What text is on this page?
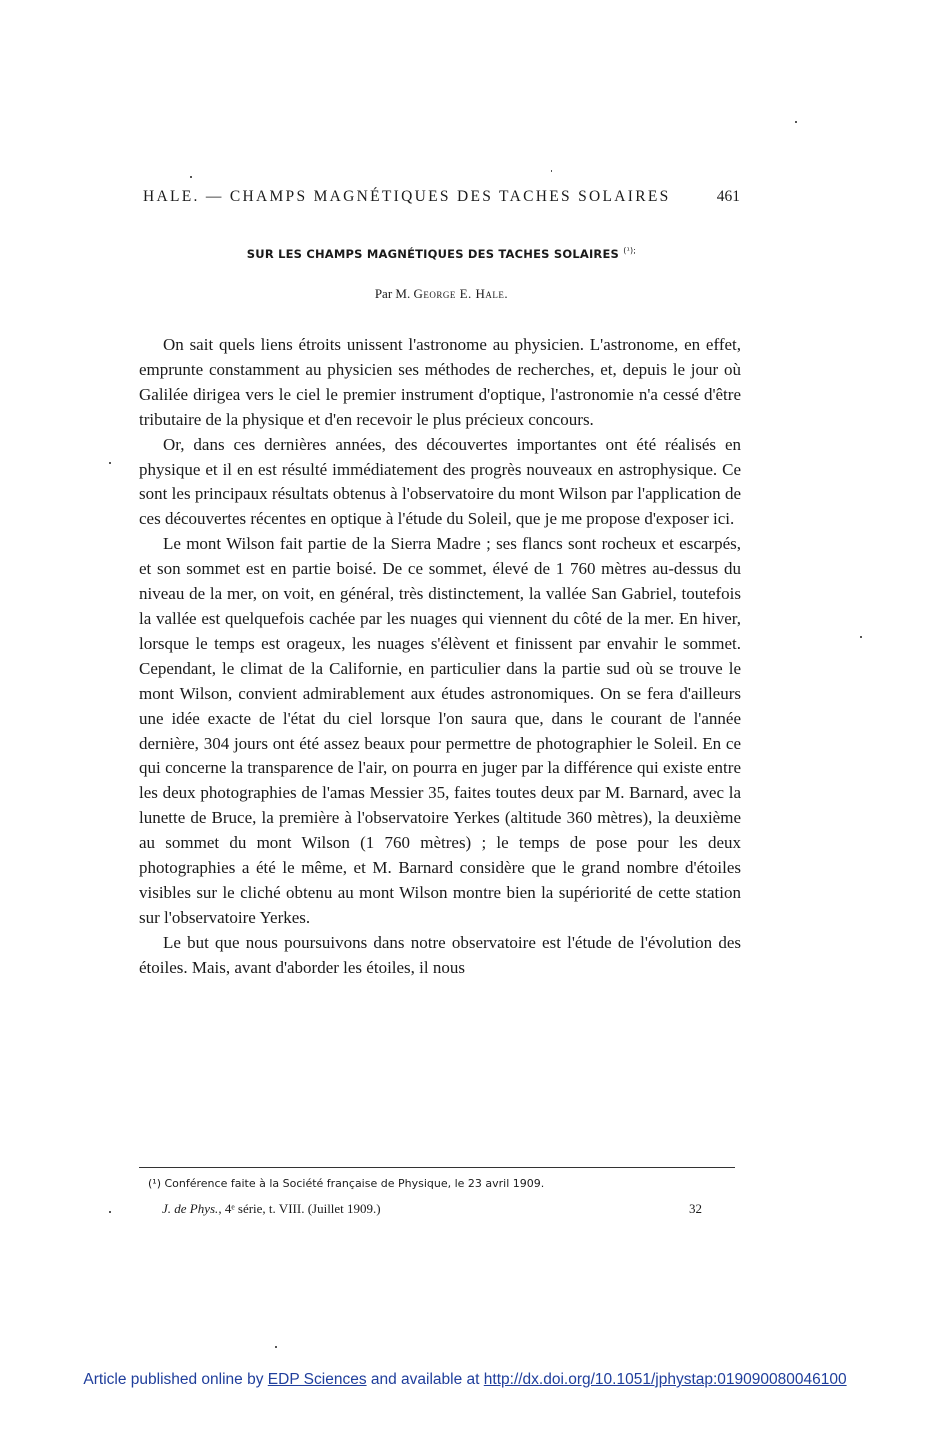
HALE. — CHAMPS MAGNÉTIQUES DES TACHES SOLAIRES	461
SUR LES CHAMPS MAGNÉTIQUES DES TACHES SOLAIRES $^{(^1);}$
Par M. George E. Hale.

On sait quels liens étroits unissent l'astronome au physicien. L'astronome, en effet, emprunte constamment au physicien ses méthodes de recherches, et, depuis le jour où Galilée dirigea vers le ciel le premier instrument d'optique, l'astronomie n'a cessé d'être tributaire de la physique et d'en recevoir le plus précieux concours.

Or, dans ces dernières années, des découvertes importantes ont été réalisés en physique et il en est résulté immédiatement des progrès nouveaux en astrophysique. Ce sont les principaux résultats obtenus à l'observatoire du mont Wilson par l'application de ces découvertes récentes en optique à l'étude du Soleil, que je me propose d'exposer ici.

Le mont Wilson fait partie de la Sierra Madre ; ses flancs sont rocheux et escarpés, et son sommet est en partie boisé. De ce sommet, élevé de 1 760 mètres au-dessus du niveau de la mer, on voit, en général, très distinctement, la vallée San Gabriel, toutefois la vallée est quelquefois cachée par les nuages qui viennent du côté de la mer. En hiver, lorsque le temps est orageux, les nuages s'élèvent et finissent par envahir le sommet. Cependant, le climat de la Californie, en particulier dans la partie sud où se trouve le mont Wilson, convient admirablement aux études astronomiques. On se fera d'ailleurs une idée exacte de l'état du ciel lorsque l'on saura que, dans le courant de l'année dernière, 304 jours ont été assez beaux pour permettre de photographier le Soleil. En ce qui concerne la transparence de l'air, on pourra en juger par la différence qui existe entre les deux photographies de l'amas Messier 35, faites toutes deux par M. Barnard, avec la lunette de Bruce, la première à l'observatoire Yerkes (altitude 360 mètres), la deuxième au sommet du mont Wilson (1 760 mètres) ; le temps de pose pour les deux photographies a été le même, et M. Barnard considère que le grand nombre d'étoiles visibles sur le cliché obtenu au mont Wilson montre bien la supériorité de cette station sur l'observatoire Yerkes.

Le but que nous poursuivons dans notre observatoire est l'étude de l'évolution des étoiles. Mais, avant d'aborder les étoiles, il nous

(¹) Conférence faite à la Société française de Physique, le 23 avril 1909.
J. de Phys., 4ᵉ série, t. VIII. (Juillet 1909.)	32
Article published online by EDP Sciences and available at http://dx.doi.org/10.1051/jphystap:019090080046100
